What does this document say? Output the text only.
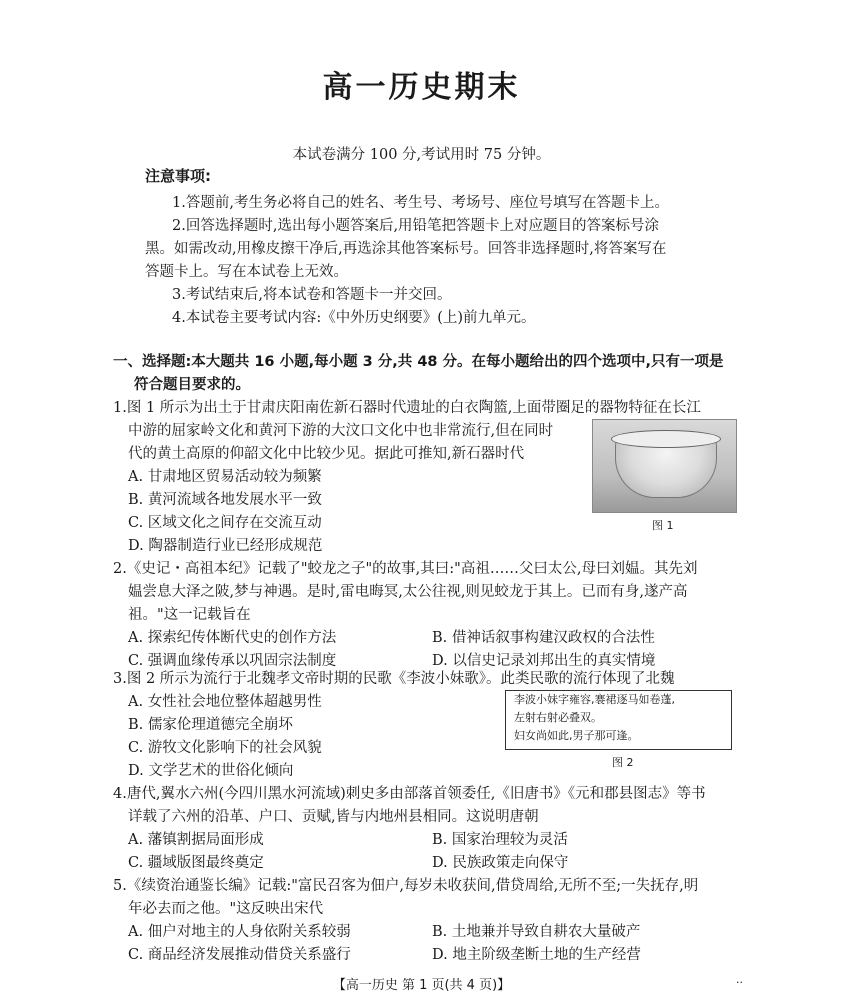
高一历史期末
本试卷满分 100 分,考试用时 75 分钟。
注意事项:
1.答题前,考生务必将自己的姓名、考生号、考场号、座位号填写在答题卡上。
2.回答选择题时,选出每小题答案后,用铅笔把答题卡上对应题目的答案标号涂
黑。如需改动,用橡皮擦干净后,再选涂其他答案标号。回答非选择题时,将答案写在
答题卡上。写在本试卷上无效。
3.考试结束后,将本试卷和答题卡一并交回。
4.本试卷主要考试内容:《中外历史纲要》(上)前九单元。
一、选择题:本大题共 16 小题,每小题 3 分,共 48 分。在每小题给出的四个选项中,只有一项是
符合题目要求的。
1.图 1 所示为出土于甘肃庆阳南佐新石器时代遗址的白衣陶篮,上面带圈足的器物特征在长江
中游的屈家岭文化和黄河下游的大汶口文化中也非常流行,但在同时
代的黄土高原的仰韶文化中比较少见。据此可推知,新石器时代
A. 甘肃地区贸易活动较为频繁
B. 黄河流域各地发展水平一致
C. 区域文化之间存在交流互动
D. 陶器制造行业已经形成规范
图 1
2.《史记・高祖本纪》记载了"蛟龙之子"的故事,其曰:"高祖……父曰太公,母曰刘媪。其先刘
媪尝息大泽之陂,梦与神遇。是时,雷电晦冥,太公往视,则见蛟龙于其上。已而有身,遂产高
祖。"这一记载旨在
A. 探索纪传体断代史的创作方法	B. 借神话叙事构建汉政权的合法性
C. 强调血缘传承以巩固宗法制度	D. 以信史记录刘邦出生的真实情境
3.图 2 所示为流行于北魏孝文帝时期的民歌《李波小妹歌》。此类民歌的流行体现了北魏
A. 女性社会地位整体超越男性
B. 儒家伦理道德完全崩坏
C. 游牧文化影响下的社会风貌
D. 文学艺术的世俗化倾向
李波小妹字雍容,褰裙逐马如卷蓬,
左射右射必叠双。
妇女尚如此,男子那可逢。
图 2
4.唐代,翼水六州(今四川黑水河流域)刺史多由部落首领委任,《旧唐书》《元和郡县图志》等书
详载了六州的沿革、户口、贡赋,皆与内地州县相同。这说明唐朝
A. 藩镇割据局面形成	B. 国家治理较为灵活
C. 疆域版图最终奠定	D. 民族政策走向保守
5.《续资治通鉴长编》记载:"富民召客为佃户,每岁未收获间,借贷周给,无所不至;一失抚存,明
年必去而之他。"这反映出宋代
A. 佃户对地主的人身依附关系较弱	B. 土地兼并导致自耕农大量破产
C. 商品经济发展推动借贷关系盛行	D. 地主阶级垄断土地的生产经营
【高一历史 第 1 页(共 4 页)】	··
